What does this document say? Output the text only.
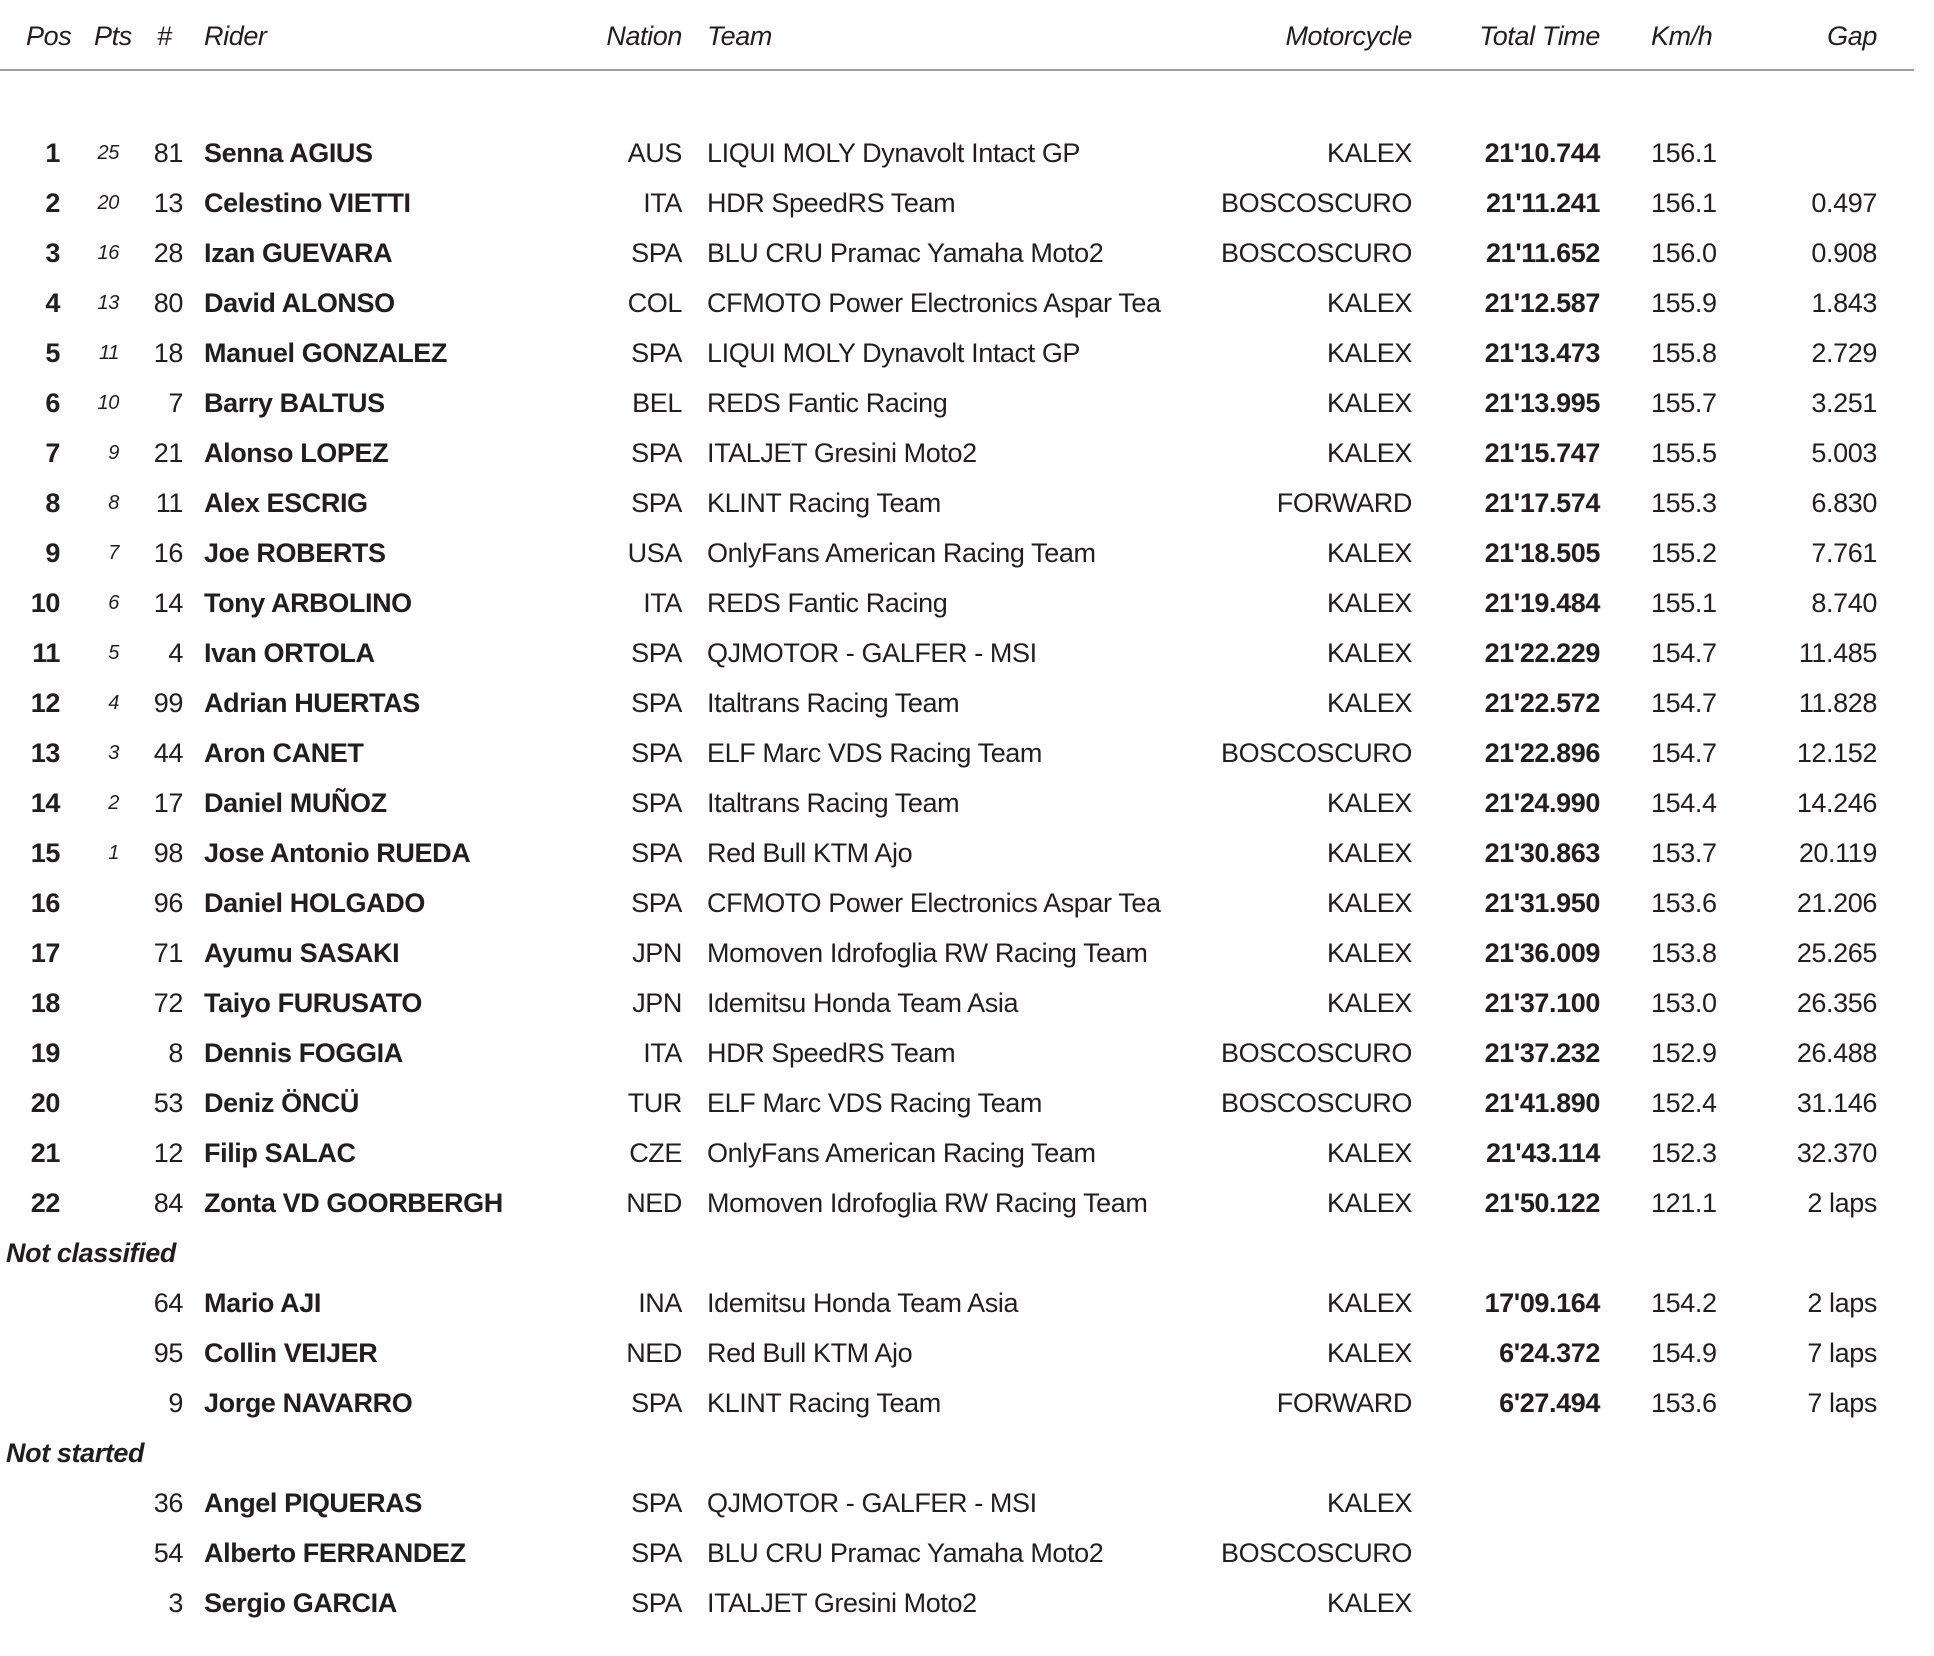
Pos Pts #	Rider	Nation Team	Motorcycle	Total Time Km/h	Gap
1	25	81 Senna AGIUS	AUS LIQUI MOLY Dynavolt Intact GP	KALEX	21'10.744 156.1
2	20	13 Celestino VIETTI	ITA HDR SpeedRS Team	BOSCOSCURO	21'11.241 156.1	0.497
3	16	28 Izan GUEVARA	SPA BLU CRU Pramac Yamaha Moto2	BOSCOSCURO	21'11.652 156.0	0.908
4	13	80 David ALONSO	COL CFMOTO Power Electronics Aspar Tea	KALEX	21'12.587 155.9	1.843
5	11	18 Manuel GONZALEZ	SPA LIQUI MOLY Dynavolt Intact GP	KALEX	21'13.473 155.8	2.729
6	10	7 Barry BALTUS	BEL REDS Fantic Racing	KALEX	21'13.995 155.7	3.251
7	9	21 Alonso LOPEZ	SPA ITALJET Gresini Moto2	KALEX	21'15.747 155.5	5.003
8	8	11 Alex ESCRIG	SPA KLINT Racing Team	FORWARD	21'17.574 155.3	6.830
9	7	16 Joe ROBERTS	USA OnlyFans American Racing Team	KALEX	21'18.505 155.2	7.761
10	6	14 Tony ARBOLINO	ITA REDS Fantic Racing	KALEX	21'19.484 155.1	8.740
11	5	4 Ivan ORTOLA	SPA QJMOTOR - GALFER - MSI	KALEX	21'22.229 154.7	11.485
12	4	99 Adrian HUERTAS	SPA Italtrans Racing Team	KALEX	21'22.572 154.7	11.828
13	3	44 Aron CANET	SPA ELF Marc VDS Racing Team	BOSCOSCURO	21'22.896 154.7	12.152
14	2	17 Daniel MUÑOZ	SPA Italtrans Racing Team	KALEX	21'24.990 154.4	14.246
15	1	98 Jose Antonio RUEDA	SPA Red Bull KTM Ajo	KALEX	21'30.863 153.7	20.119
16	96 Daniel HOLGADO	SPA CFMOTO Power Electronics Aspar Tea	KALEX	21'31.950 153.6	21.206
17	71 Ayumu SASAKI	JPN Momoven Idrofoglia RW Racing Team	KALEX	21'36.009 153.8	25.265
18	72 Taiyo FURUSATO	JPN Idemitsu Honda Team Asia	KALEX	21'37.100 153.0	26.356
19	8 Dennis FOGGIA	ITA HDR SpeedRS Team	BOSCOSCURO	21'37.232 152.9	26.488
20	53 Deniz ÖNCÜ	TUR ELF Marc VDS Racing Team	BOSCOSCURO	21'41.890 152.4	31.146
21	12 Filip SALAC	CZE OnlyFans American Racing Team	KALEX	21'43.114 152.3	32.370
22	84 Zonta VD GOORBERGH	NED Momoven Idrofoglia RW Racing Team	KALEX	21'50.122 121.1	2 laps
Not classified
64 Mario AJI	INA Idemitsu Honda Team Asia	KALEX	17'09.164 154.2	2 laps
95 Collin VEIJER	NED Red Bull KTM Ajo	KALEX	6'24.372 154.9	7 laps
9 Jorge NAVARRO	SPA KLINT Racing Team	FORWARD	6'27.494 153.6	7 laps
Not started
36 Angel PIQUERAS	SPA QJMOTOR - GALFER - MSI	KALEX
54 Alberto FERRANDEZ	SPA BLU CRU Pramac Yamaha Moto2	BOSCOSCURO
3 Sergio GARCIA	SPA ITALJET Gresini Moto2	KALEX
